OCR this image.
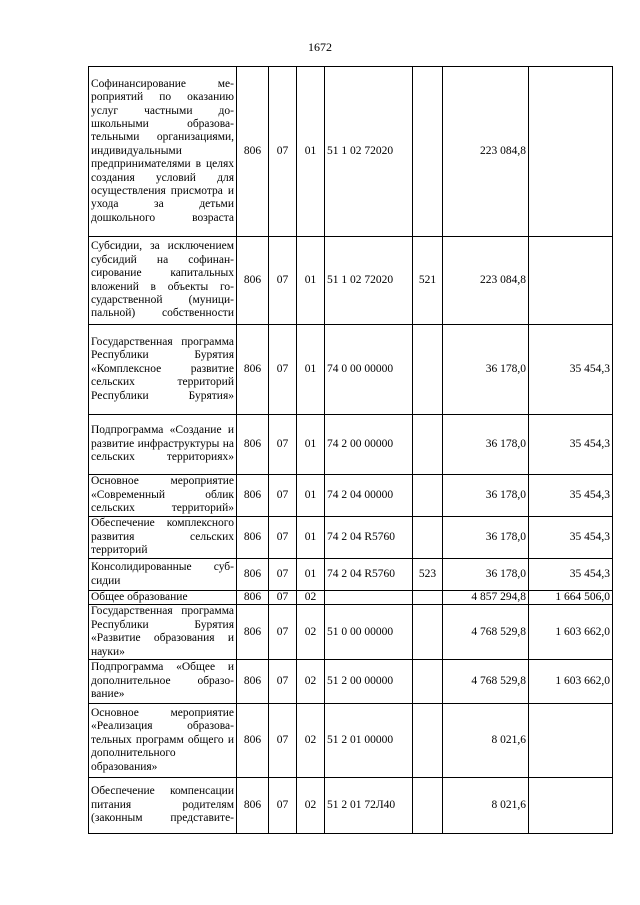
1672
Софинансирование мероприятий по оказанию услуг частными дошкольными образовательными организациями, индивидуальными предпринимателями в целях создания условий для осуществления присмотра и ухода за детьми дошкольного возраста	806	07	01	51 1 02 72020		223 084,8	
Субсидии, за исключением субсидий на софинансирование капитальных вложений в объекты государственной (муниципальной) собственности	806	07	01	51 1 02 72020	521	223 084,8	
Государственная программа Республики Бурятия «Комплексное развитие сельских территорий Республики Бурятия»	806	07	01	74 0 00 00000		36 178,0	35 454,3
Подпрограмма «Создание и развитие инфраструктуры на сельских территориях»	806	07	01	74 2 00 00000		36 178,0	35 454,3
Основное мероприятие «Современный облик сельских территорий»	806	07	01	74 2 04 00000		36 178,0	35 454,3
Обеспечение комплексного развития сельских территорий	806	07	01	74 2 04 R5760		36 178,0	35 454,3
Консолидированные субсидии	806	07	01	74 2 04 R5760	523	36 178,0	35 454,3
Общее образование	806	07	02			4 857 294,8	1 664 506,0
Государственная программа Республики Бурятия «Развитие образования и науки»	806	07	02	51 0 00 00000		4 768 529,8	1 603 662,0
Подпрограмма «Общее и дополнительное образование»	806	07	02	51 2 00 00000		4 768 529,8	1 603 662,0
Основное мероприятие «Реализация образовательных программ общего и дополнительного образования»	806	07	02	51 2 01 00000		8 021,6	
Обеспечение компенсации питания родителям (законным представите-	806	07	02	51 2 01 72Л40		8 021,6	
